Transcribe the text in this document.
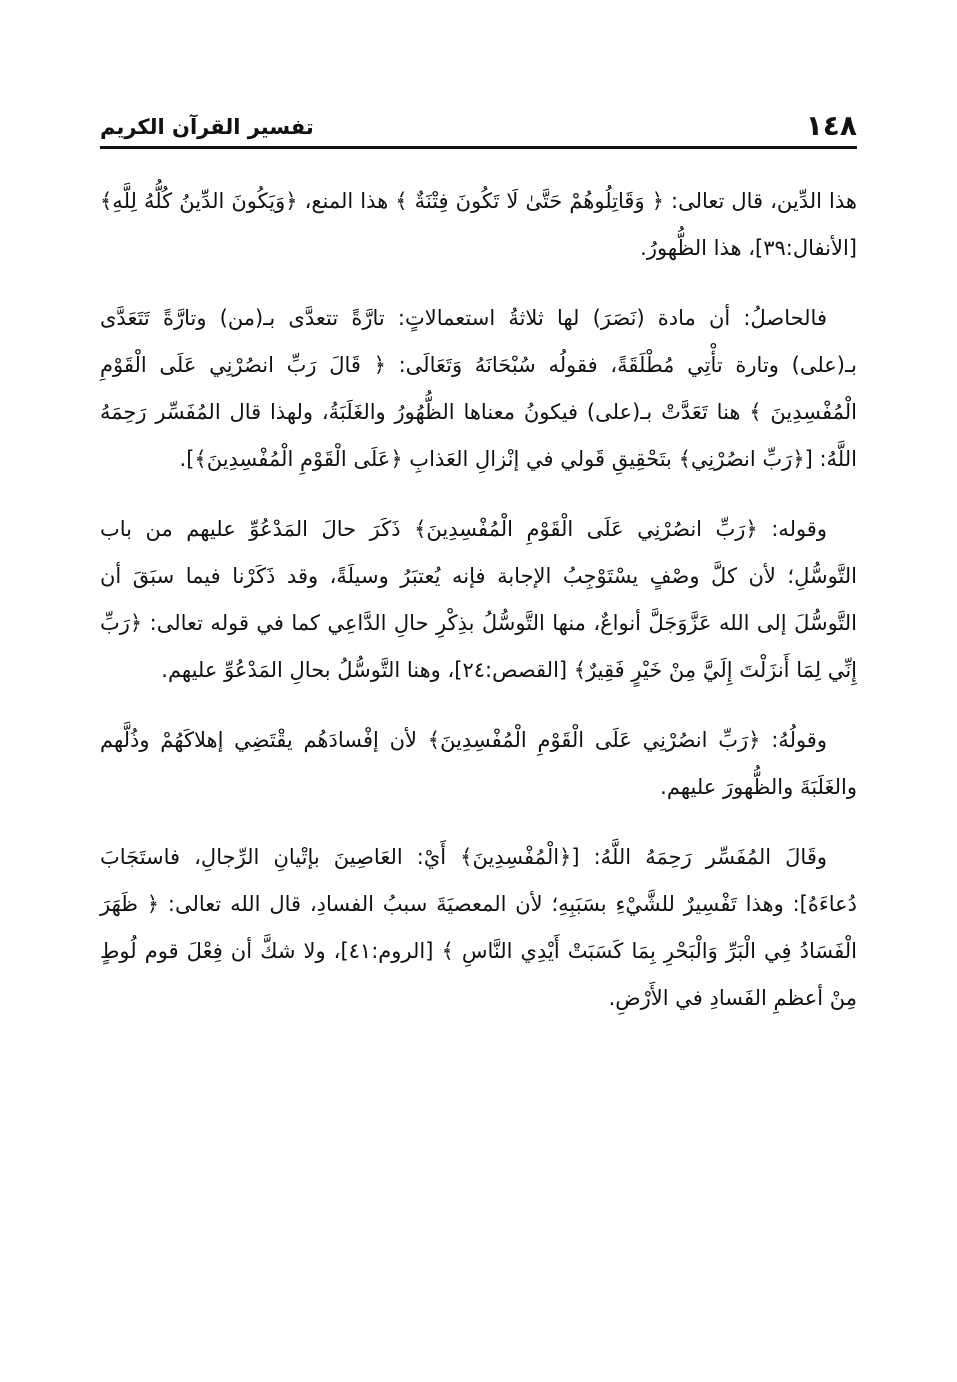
١٤٨
تفسير القرآن الكريم

هذا الدِّين، قال تعالى: ﴿ وَقَاتِلُوهُمْ حَتَّىٰ لَا تَكُونَ فِتْنَةٌ ﴾ هذا المنع، ﴿وَيَكُونَ الدِّينُ كُلُّهُ لِلَّهِ﴾ [الأنفال:٣٩]، هذا الظُّهورُ.

فالحاصلُ: أن مادة (نَصَرَ) لها ثلاثةُ استعمالاتٍ: تارَّةً تتعدَّى بـ(من) وتارَّةً تَتَعَدَّى بـ(على) وتارة تأْتِي مُطْلَقَةً، فقولُه سُبْحَانَهُ وَتَعَالَى: ﴿ قَالَ رَبِّ انصُرْنِي عَلَى الْقَوْمِ الْمُفْسِدِينَ ﴾ هنا تَعَدَّتْ بـ(على) فيكونُ معناها الظُّهُورُ والغَلَبَةُ، ولهذا قال المُفَسِّر رَحِمَهُ اللَّهُ: [﴿رَبِّ انصُرْنِي﴾ بتَحْقِيقِ قَولي في إنْزالِ العَذابِ ﴿عَلَى الْقَوْمِ الْمُفْسِدِينَ﴾].

وقوله: ﴿رَبِّ انصُرْنِي عَلَى الْقَوْمِ الْمُفْسِدِينَ﴾ ذَكَرَ حالَ المَدْعُوِّ عليهم من باب التَّوسُّلِ؛ لأن كلَّ وصْفٍ يسْتَوْجِبُ الإجابة فإنه يُعتبَرُ وسيلَةً، وقد ذَكَرْنا فيما سبَقَ أن التَّوسُّلَ إلى الله عَزَّوَجَلَّ أنواعٌ، منها التَّوسُّلُ بذِكْرِ حالِ الدَّاعِي كما في قوله تعالى: ﴿رَبِّ إِنِّي لِمَا أَنزَلْتَ إِلَيَّ مِنْ خَيْرٍ فَقِيرٌ﴾ [القصص:٢٤]، وهنا التَّوسُّلُ بحالِ المَدْعُوِّ عليهم.

وقولُهُ: ﴿رَبِّ انصُرْنِي عَلَى الْقَوْمِ الْمُفْسِدِينَ﴾ لأن إفْسادَهُم يقْتَضِي إهلاكَهُمْ وذُلَّهم والغَلَبَةَ والظُّهورَ عليهم.

وقَالَ المُفَسِّر رَحِمَهُ اللَّهُ: [﴿الْمُفْسِدِينَ﴾ أَيْ: العَاصِينَ بإتْيانِ الرِّجالِ، فاستَجَابَ دُعاءَهُ]: وهذا تَفْسِيرٌ للشَّيْءِ بسَبَبِهِ؛ لأن المعصيَةَ سببُ الفسادِ، قال الله تعالى: ﴿ ظَهَرَ الْفَسَادُ فِي الْبَرِّ وَالْبَحْرِ بِمَا كَسَبَتْ أَيْدِي النَّاسِ ﴾ [الروم:٤١]، ولا شكَّ أن فِعْلَ قوم لُوطٍ مِنْ أعظمِ الفَسادِ في الأَرْضِ.
